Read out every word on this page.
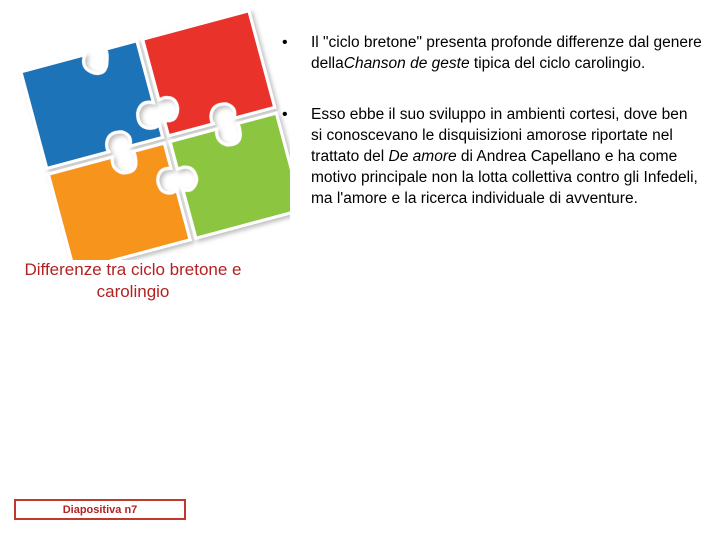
Differenze tra ciclo bretone e carolingio
• Il "ciclo bretone" presenta profonde differenze dal genere dellaChanson de geste tipica del ciclo carolingio.
• Esso ebbe il suo sviluppo in ambienti cortesi, dove ben si conoscevano le disquisizioni amorose riportate nel trattato del De amore di Andrea Capellano e ha come motivo principale non la lotta collettiva contro gli Infedeli, ma l'amore e la ricerca individuale di avventure.
Diapositiva n7
